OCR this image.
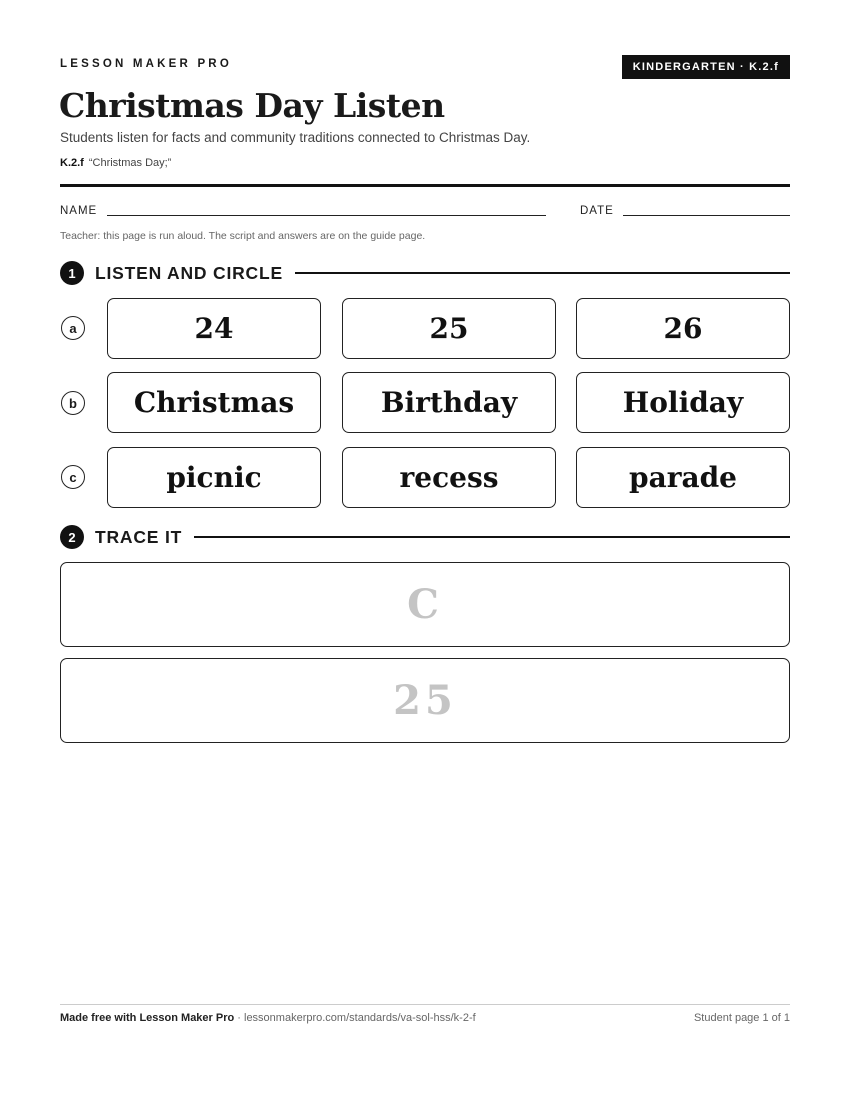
LESSON MAKER PRO	KINDERGARTEN · K.2.f
Christmas Day Listen
Students listen for facts and community traditions connected to Christmas Day.
K.2.f “Christmas Day;”
NAME	DATE
Teacher: this page is run aloud. The script and answers are on the guide page.
1	LISTEN AND CIRCLE
a	24	25	26
b	Christmas	Birthday	Holiday
c	picnic	recess	parade
2	TRACE IT
C
25
Made free with Lesson Maker Pro · lessonmakerpro.com/standards/va-sol-hss/k-2-f	Student page 1 of 1
